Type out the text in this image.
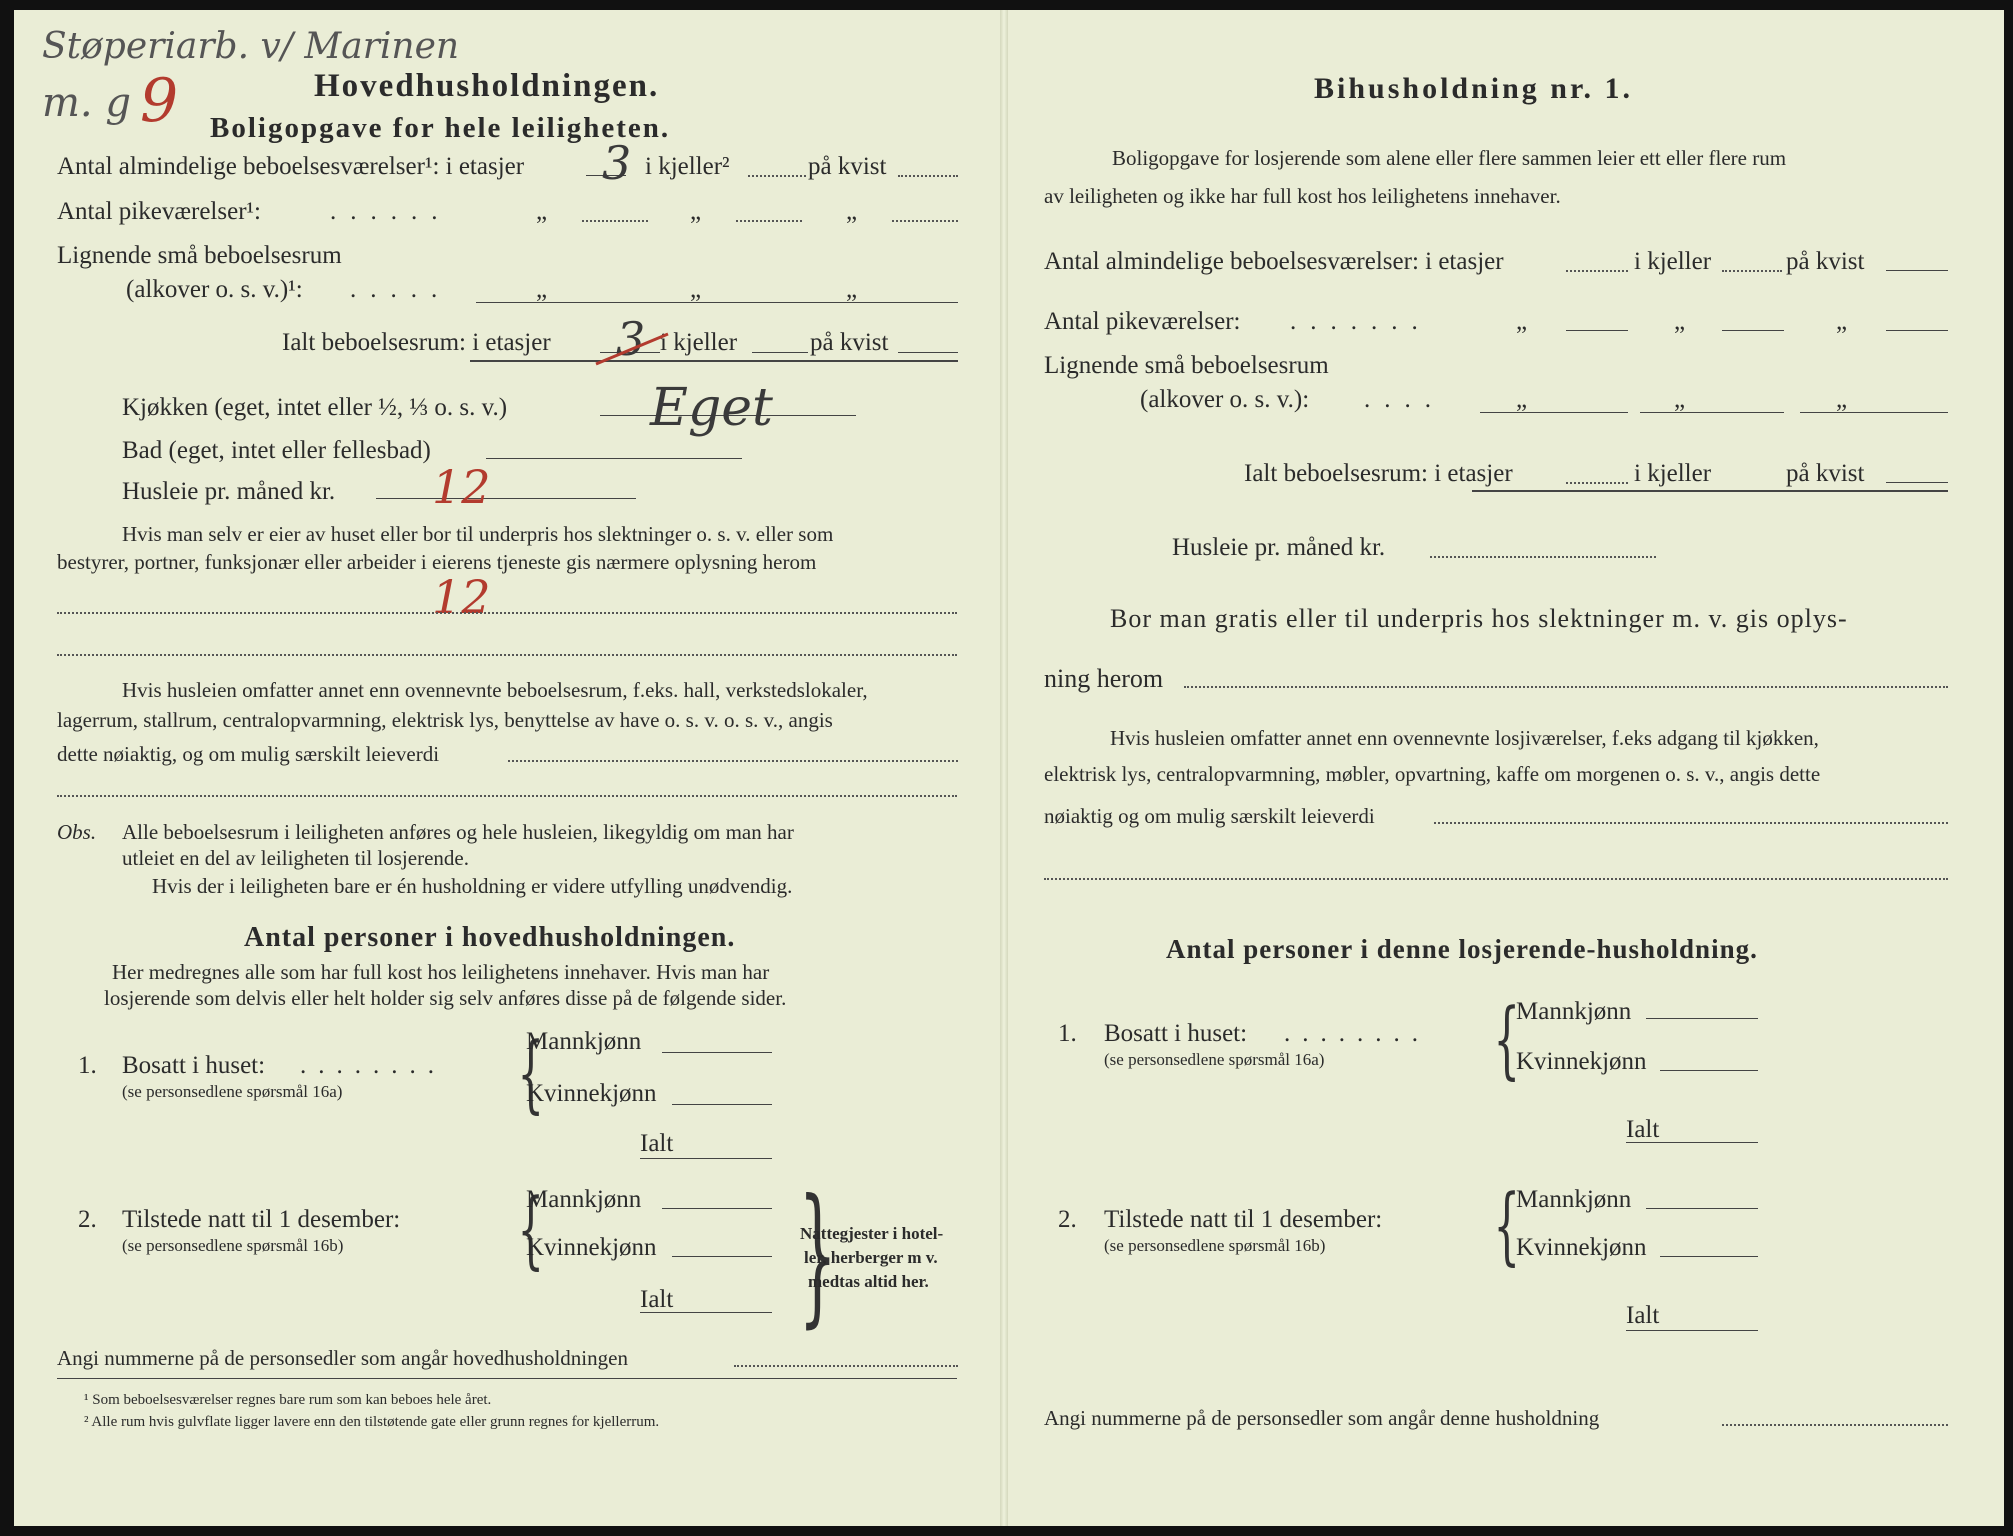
Støperiarb. v/ Marinen
m. g 9	Hovedhusholdningen.
Boligopgave for hele leiligheten.
Antal almindelige beboelsesværelser¹: i etasjer 3 i kjeller²	på kvist
Antal pikeværelser¹:	......	„	„	„
Lignende små beboelsesrum
(alkover o. s. v.)¹: .....	„	„	„
Ialt beboelsesrum: i etasjer 3 i kjeller	på kvist
Kjøkken (eget, intet eller ½, ⅓ o. s. v.)	Eget
Bad (eget, intet eller fellesbad)
Husleie pr. måned kr. 12
Hvis man selv er eier av huset eller bor til underpris hos slektninger o. s. v. eller som
bestyrer, portner, funksjonær eller arbeider i eierens tjeneste gis nærmere oplysning herom
12
Hvis husleien omfatter annet enn ovennevnte beboelsesrum, f.eks. hall, verkstedslokaler,
lagerrum, stallrum, centralopvarmning, elektrisk lys, benyttelse av have o. s. v. o. s. v., angis
dette nøiaktig, og om mulig særskilt leieverdi
Obs. Alle beboelsesrum i leiligheten anføres og hele husleien, likegyldig om man har
utleiet en del av leiligheten til losjerende.
Hvis der i leiligheten bare er én husholdning er videre utfylling unødvendig.
Antal personer i hovedhusholdningen.
Her medregnes alle som har full kost hos leilighetens innehaver. Hvis man har
losjerende som delvis eller helt holder sig selv anføres disse på de følgende sider.
1. Bosatt i huset: ........
(se personsedlene spørsmål 16a) {
Mannkjønn
Kvinnekjønn
Ialt
2. Tilstede natt til 1 desember:
(se personsedlene spørsmål 16b) {
Mannkjønn
Kvinnekjønn
Ialt }
Nattegjester i hotel-
ler, herberger m v.
medtas altid her.
Angi nummerne på de personsedler som angår hovedhusholdningen
¹ Som beboelsesværelser regnes bare rum som kan beboes hele året.
² Alle rum hvis gulvflate ligger lavere enn den tilstøtende gate eller grunn regnes for kjellerrum.
Bihusholdning nr. 1.
Boligopgave for losjerende som alene eller flere sammen leier ett eller flere rum
av leiligheten og ikke har full kost hos leilighetens innehaver.
Antal almindelige beboelsesværelser: i etasjer	i kjeller	på kvist
Antal pikeværelser: .......	„	„	„
Lignende små beboelsesrum
(alkover o. s. v.): ....	„	„	„
Ialt beboelsesrum: i etasjer	i kjeller	på kvist
Husleie pr. måned kr.
Bor man gratis eller til underpris hos slektninger m. v. gis oplys-
ning herom
Hvis husleien omfatter annet enn ovennevnte losjiværelser, f.eks adgang til kjøkken,
elektrisk lys, centralopvarmning, møbler, opvartning, kaffe om morgenen o. s. v., angis dette
nøiaktig og om mulig særskilt leieverdi
Antal personer i denne losjerende-husholdning.
1. Bosatt i huset: ........
(se personsedlene spørsmål 16a) {
Mannkjønn
Kvinnekjønn
Ialt
2. Tilstede natt til 1 desember:
(se personsedlene spørsmål 16b) {
Mannkjønn
Kvinnekjønn
Ialt
Angi nummerne på de personsedler som angår denne husholdning
